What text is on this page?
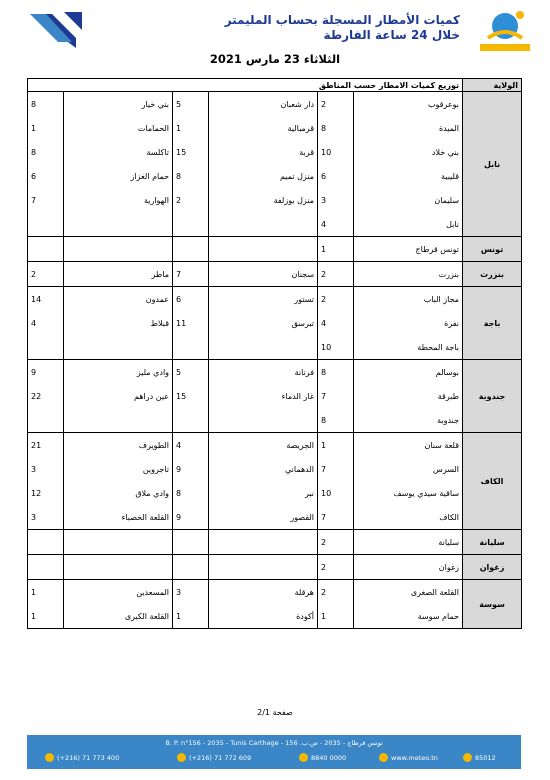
كميات الأمطار المسجلة بحساب المليمتر
خلال 24 ساعة الفارطة
الثلاثاء 23 مارس 2021
الولاية	توزيع كميات الامطار حسب المناطق					
نابل	بوعرقوب	2	دار شعبان	5	بني خيار	8
	الميدة	8	قرمبالية	1	الحمامات	1
	بني خلاد	10	قربة	15	تاكلسة	8
	قليبية	6	منزل تميم	8	حمام الغزاز	6
	سليمان	3	منزل بوزلفة	2	الهوارية	7
	نابل	4				
تونس	تونس قرطاج	1				
بنزرت	بنزرت	2	سجنان	7	ماطر	2
باجة	مجاز الباب	2	تستور	6	عمدون	14
	نفزة	4	تبرسق	11	قبلاط	4
	باجة المحطة	10				
جندوبة	بوسالم	8	فرنانة	5	وادي مليز	9
	طبرقة	7	غار الدماء	15	عين دراهم	22
	جندوبة	8				
الكاف	قلعة سنان	1	الجريصة	4	الطويرف	21
	السرس	7	الدهماني	9	تاجروين	3
	ساقية سيدي يوسف	10	نبر	8	وادي ملاق	12
	الكاف	7	القصور	9	القلعة الخصباء	3
سليانة	سليانة	2				
زغوان	زغوان	2				
سوسة	القلعة الصغرى	2	هرقلة	3	المسعدين	1
	حمام سوسة	1	أكودة	1	القلعة الكبرى	1
صفحة 2/1
B. P. n°156 - 2035 - Tunis Carthage - تونس قرطاج - 2035 - ص.ب. 156
(+216) 71 773 400	(+216) 71 772 609	8840 0000	www.meteo.tn	85012
